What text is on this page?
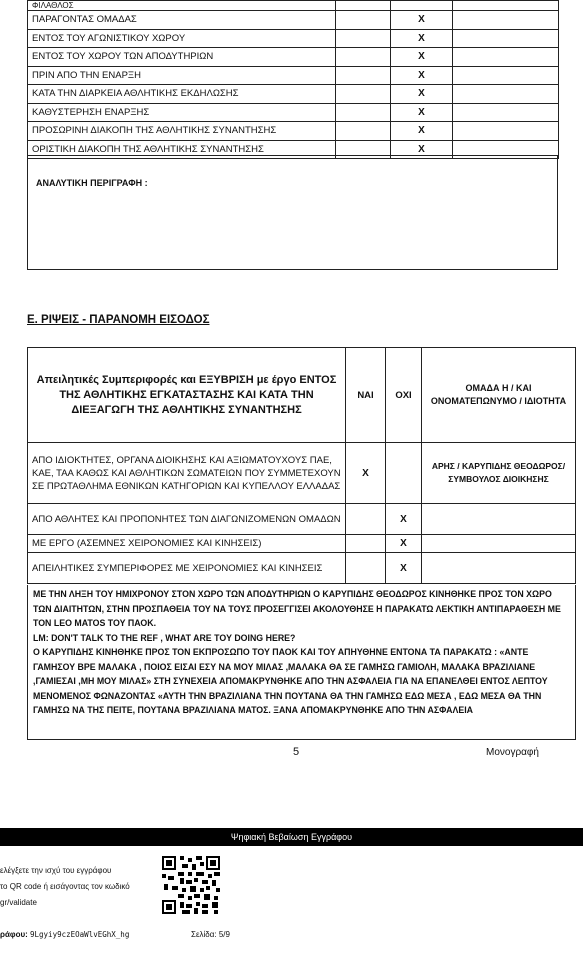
ΦΙΛΑΘΛΟΣ			
ΠΑΡΑΓΟΝΤΑΣ ΟΜΑΔΑΣ		X	
ΕΝΤΟΣ ΤΟΥ ΑΓΩΝΙΣΤΙΚΟΥ ΧΩΡΟΥ		X	
ΕΝΤΟΣ ΤΟΥ ΧΩΡΟΥ ΤΩΝ ΑΠΟΔΥΤΗΡΙΩΝ		X	
ΠΡΙΝ ΑΠΟ ΤΗΝ ΕΝΑΡΞΗ		X	
ΚΑΤΑ ΤΗΝ ΔΙΑΡΚΕΙΑ ΑΘΛΗΤΙΚΗΣ ΕΚΔΗΛΩΣΗΣ		X	
ΚΑΘΥΣΤΕΡΗΣΗ ΕΝΑΡΞΗΣ		X	
ΠΡΟΣΩΡΙΝΗ ΔΙΑΚΟΠΗ ΤΗΣ ΑΘΛΗΤΙΚΗΣ ΣΥΝΑΝΤΗΣΗΣ		X	
ΟΡΙΣΤΙΚΗ ΔΙΑΚΟΠΗ ΤΗΣ ΑΘΛΗΤΙΚΗΣ ΣΥΝΑΝΤΗΣΗΣ		X	
ΑΝΑΛΥΤΙΚΗ ΠΕΡΙΓΡΑΦΗ :
Ε. ΡΙΨΕΙΣ - ΠΑΡΑΝΟΜΗ ΕΙΣΟΔΟΣ
Απειλητικές Συμπεριφορές και ΕΞΥΒΡΙΣΗ με έργο ΕΝΤΟΣ ΤΗΣ ΑΘΛΗΤΙΚΗΣ ΕΓΚΑΤΑΣΤΑΣΗΣ ΚΑΙ ΚΑΤΑ ΤΗΝ ΔΙΕΞΑΓΩΓΗ ΤΗΣ ΑΘΛΗΤΙΚΗΣ ΣΥΝΑΝΤΗΣΗΣ	ΝΑΙ	ΟΧΙ	ΟΜΑΔΑ Η / ΚΑΙ ΟΝΟΜΑΤΕΠΩΝΥΜΟ / ΙΔΙΟΤΗΤΑ
ΑΠΟ ΙΔΙΟΚΤΗΤΕΣ, ΟΡΓΑΝΑ ΔΙΟΙΚΗΣΗΣ ΚΑΙ ΑΞΙΩΜΑΤΟΥΧΟΥΣ ΠΑΕ, ΚΑΕ, ΤΑΑ ΚΑΘΩΣ ΚΑΙ ΑΘΛΗΤΙΚΩΝ ΣΩΜΑΤΕΙΩΝ ΠΟΥ ΣΥΜΜΕΤΕΧΟΥΝ ΣΕ ΠΡΩΤΑΘΛΗΜΑ ΕΘΝΙΚΩΝ ΚΑΤΗΓΟΡΙΩΝ ΚΑΙ ΚΥΠΕΛΛΟΥ ΕΛΛΑΔΑΣ	X		ΑΡΗΣ / ΚΑΡΥΠΙΔΗΣ ΘΕΟΔΩΡΟΣ/ΣΥΜΒΟΥΛΟΣ ΔΙΟΙΚΗΣΗΣ
ΑΠΟ ΑΘΛΗΤΕΣ ΚΑΙ ΠΡΟΠΟΝΗΤΕΣ ΤΩΝ ΔΙΑΓΩΝΙΖΟΜΕΝΩΝ ΟΜΑΔΩΝ		X	
ΜΕ ΕΡΓΟ (ΑΣΕΜΝΕΣ ΧΕΙΡΟΝΟΜΙΕΣ ΚΑΙ ΚΙΝΗΣΕΙΣ)		X	
ΑΠΕΙΛΗΤΙΚΕΣ ΣΥΜΠΕΡΙΦΟΡΕΣ ΜΕ ΧΕΙΡΟΝΟΜΙΕΣ ΚΑΙ ΚΙΝΗΣΕΙΣ		X	

ΜΕ ΤΗΝ ΛΗΞΗ ΤΟΥ ΗΜΙΧΡΟΝΟΥ ΣΤΟΝ ΧΩΡΟ ΤΩΝ ΑΠΟΔΥΤΗΡΙΩΝ Ο ΚΑΡΥΠΙΔΗΣ ΘΕΟΔΩΡΟΣ ΚΙΝΗΘΗΚΕ ΠΡΟΣ ΤΟΝ ΧΩΡΟ ΤΩΝ ΔΙΑΙΤΗΤΩΝ, ΣΤΗΝ ΠΡΟΣΠΑΘΕΙΑ ΤΟΥ ΝΑ ΤΟΥΣ ΠΡΟΣΕΓΓΙΣΕΙ ΑΚΟΛΟΥΘΗΣΕ Η ΠΑΡΑΚΑΤΩ ΛΕΚΤΙΚΗ ΑΝΤΙΠΑΡΑΘΕΣΗ ΜΕ ΤΟΝ LEO MATOS ΤΟΥ ΠΑΟΚ.

LM: DON'T TALK TO THE REF , WHAT ARE TOY DOING HERE?

Ο ΚΑΡΥΠΙΔΗΣ ΚΙΝΗΘΗΚΕ ΠΡΟΣ ΤΟΝ ΕΚΠΡΟΣΩΠΟ ΤΟΥ ΠΑΟΚ ΚΑΙ ΤΟΥ ΑΠΗΥΘΗΝΕ ΕΝΤΟΝΑ ΤΑ ΠΑΡΑΚΑΤΩ : «ΑΝΤΕ ΓΑΜΗΣΟΥ ΒΡΕ ΜΑΛΑΚΑ , ΠΟΙΟΣ ΕΙΣΑΙ ΕΣΥ ΝΑ ΜΟΥ ΜΙΛΑΣ ,ΜΑΛΑΚΑ ΘΑ ΣΕ ΓΑΜΗΣΩ ΓΑΜΙΟΛΗ, ΜΑΛΑΚΑ ΒΡΑΖΙΛΙΑΝΕ ,ΓΑΜΙΕΣΑΙ ,ΜΗ ΜΟΥ ΜΙΛΑΣ» ΣΤΗ ΣΥΝΕΧΕΙΑ ΑΠΟΜΑΚΡΥΝΘΗΚΕ ΑΠΟ ΤΗΝ ΑΣΦΑΛΕΙΑ ΓΙΑ ΝΑ ΕΠΑΝΕΛΘΕΙ ΕΝΤΟΣ ΛΕΠΤΟΥ ΜΕΝΟΜΕΝΟΣ ΦΩΝΑΖΟΝΤΑΣ «ΑΥΤΗ ΤΗΝ ΒΡΑΖΙΛΙΑΝΑ ΤΗΝ ΠΟΥΤΑΝΑ ΘΑ ΤΗΝ ΓΑΜΗΣΩ ΕΔΩ ΜΕΣΑ , ΕΔΩ ΜΕΣΑ ΘΑ ΤΗΝ ΓΑΜΗΣΩ ΝΑ ΤΗΣ ΠΕΙΤΕ, ΠΟΥΤΑΝΑ ΒΡΑΖΙΛΙΑΝΑ ΜΑΤΟΣ. ΞΑΝΑ ΑΠΟΜΑΚΡΥΝΘΗΚΕ ΑΠΟ ΤΗΝ ΑΣΦΑΛΕΙΑ

5	Μονογραφή
Ψηφιακή Βεβαίωση Εγγράφου
ελέγξετε την ισχύ του εγγράφου
το QR code ή εισάγοντας τον κωδικό
gr/validate
ράφου: 9Lgyiy9czEOaWlvEGhX_hg	Σελίδα: 5/9
